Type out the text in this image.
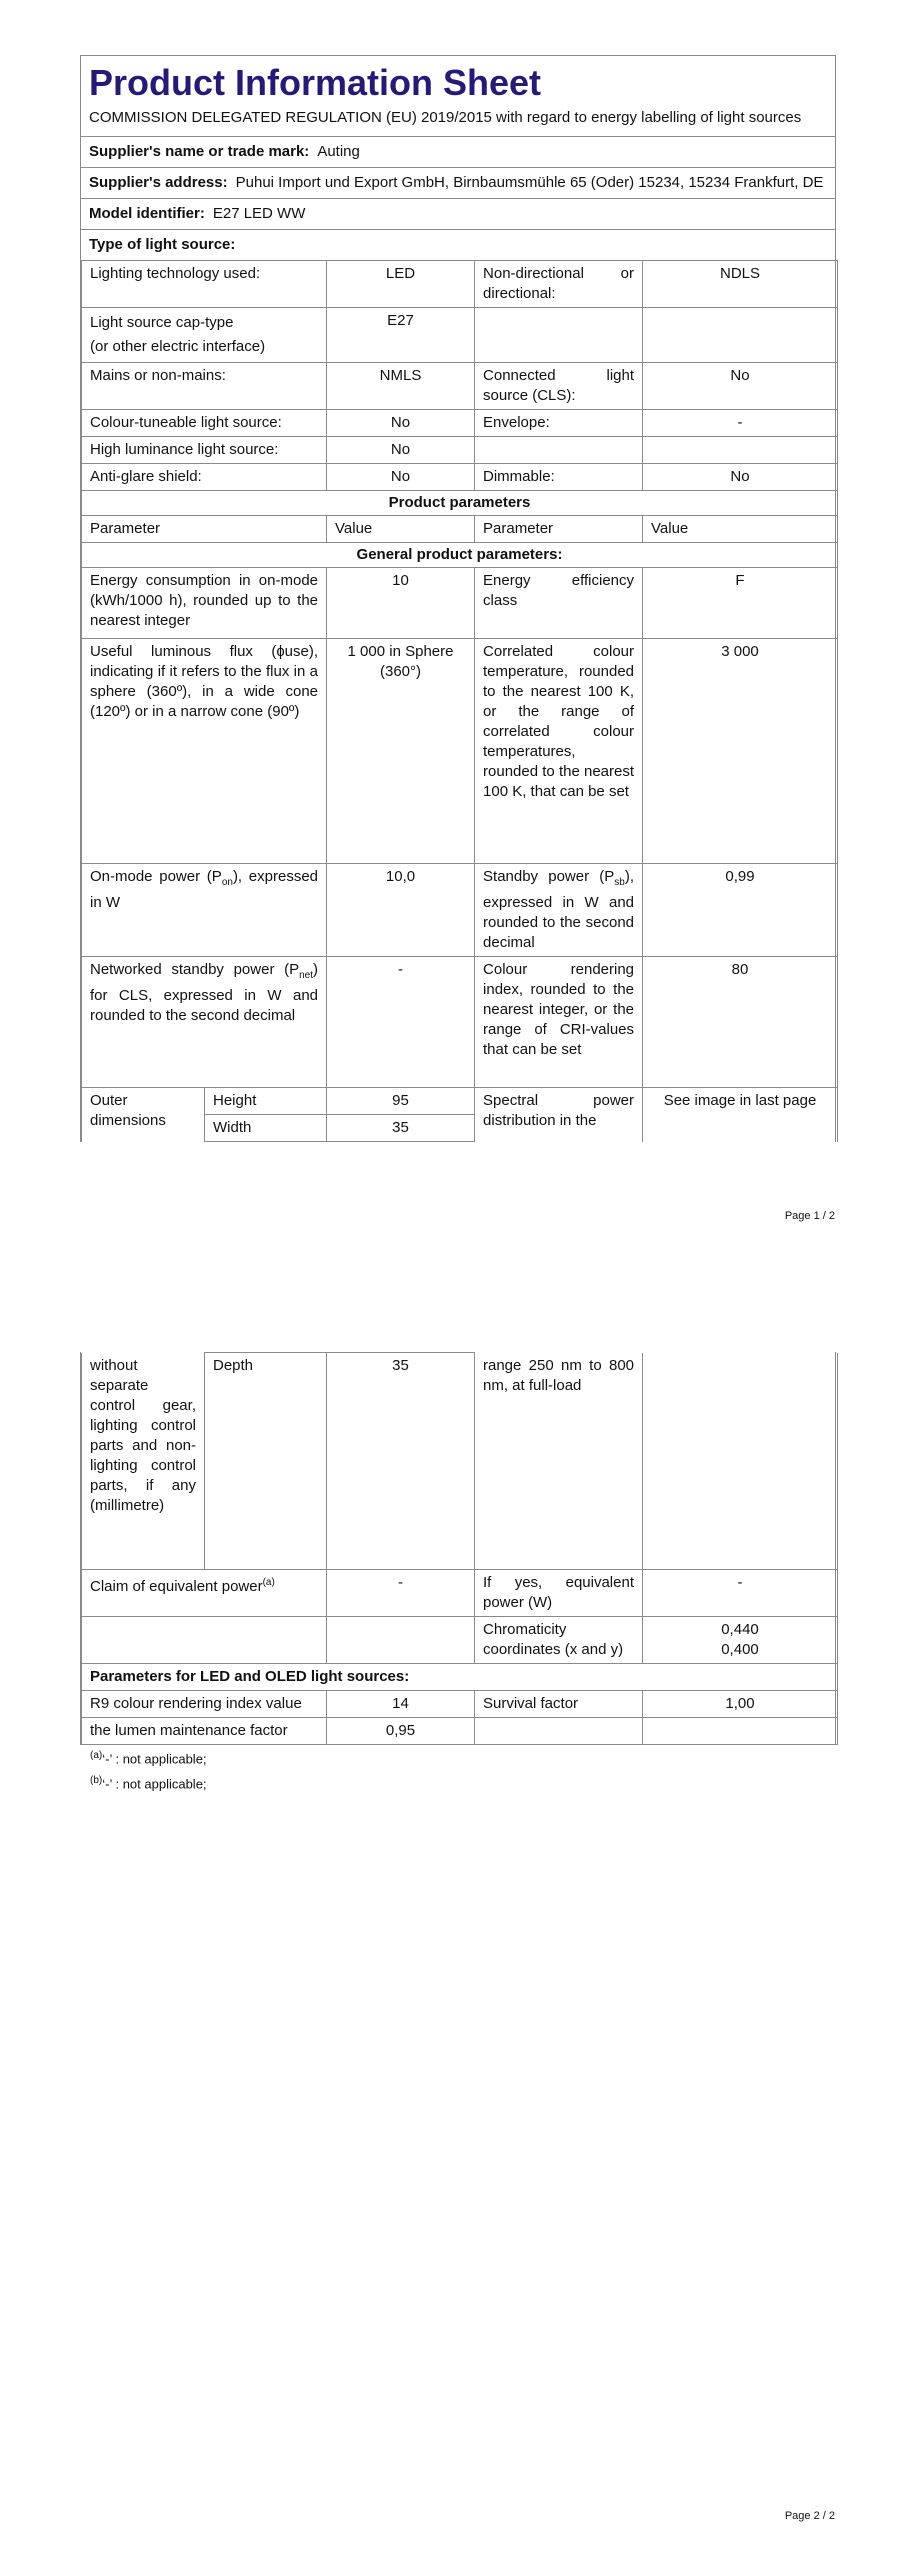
Product Information Sheet
COMMISSION DELEGATED REGULATION (EU) 2019/2015 with regard to energy labelling of light sources
Supplier's name or trade mark: Auting
Supplier's address: Puhui Import und Export GmbH, Birnbaumsmühle 65 (Oder) 15234, 15234 Frankfurt, DE
Model identifier: E27 LED WW
Type of light source:
Lighting technology used:		LED	Non-directional or directional:	NDLS

Light source cap-type
(or other electric interface)		E27		
Mains or non-mains:		NMLS	Connected light source (CLS):	No
Colour-tuneable light source:		No	Envelope:	-
High luminance light source:		No		
Anti-glare shield:		No	Dimmable:	No
Product parameters				
Parameter		Value	Parameter	Value
General product parameters:				
Energy consumption in on-mode (kWh/1000 h), rounded up to the nearest integer		10	Energy efficiency class	F
Useful luminous flux (ɸuse), indicating if it refers to the flux in a sphere (360º), in a wide cone (120º) or in a narrow cone (90º)		1 000 in Sphere (360°)	Correlated colour temperature, rounded to the nearest 100 K, or the range of correlated colour temperatures, rounded to the nearest 100 K, that can be set	3 000
On-mode power $(P_{on})$, expressed in W		10,0	Standby power $(P_{sb})$, expressed in W and rounded to the second decimal	0,99
Networked standby power $(P_{net})$ for CLS, expressed in W and rounded to the second decimal		-	Colour rendering index, rounded to the nearest integer, or the range of CRI-values that can be set	80
Outer dimensions	Height	95	Spectral power distribution in the	See image in last page
	Width	35		
Page 1 / 2
without separate control gear, lighting control parts and non-lighting control parts, if any (millimetre)	Depth	35	range 250 nm to 800 nm, at full-load	
Claim of equivalent power$^{(a)}$		-	If yes, equivalent power (W)	-
			Chromaticity coordinates (x and y)	0,440
0,400

Parameters for LED and OLED light sources:				
R9 colour rendering index value		14	Survival factor	1,00
the lumen maintenance factor		0,95		
$^{(a)}$‘-’ : not applicable;
$^{(b)}$‘-’ : not applicable;
Page 2 / 2
